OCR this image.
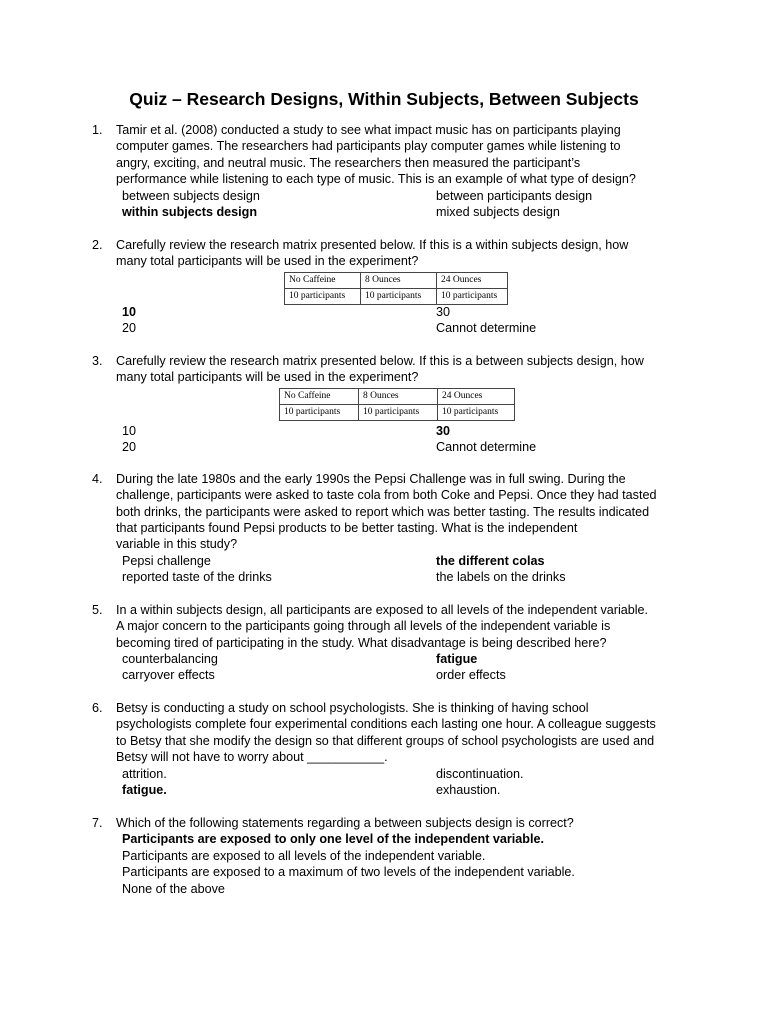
Quiz – Research Designs, Within Subjects, Between Subjects
1. Tamir et al. (2008) conducted a study to see what impact music has on participants playing
computer games. The researchers had participants play computer games while listening to
angry, exciting, and neutral music. The researchers then measured the participant’s
performance while listening to each type of music. This is an example of what type of design?
between subjects design	between participants design
within subjects design	mixed subjects design
2. Carefully review the research matrix presented below. If this is a within subjects design, how
many total participants will be used in the experiment?
No Caffeine	8 Ounces	24 Ounces
10 participants	10 participants	10 participants
10	30
20	Cannot determine
3. Carefully review the research matrix presented below. If this is a between subjects design, how
many total participants will be used in the experiment?
No Caffeine	8 Ounces	24 Ounces
10 participants	10 participants	10 participants
10	30
20	Cannot determine
4. During the late 1980s and the early 1990s the Pepsi Challenge was in full swing. During the
challenge, participants were asked to taste cola from both Coke and Pepsi. Once they had tasted
both drinks, the participants were asked to report which was better tasting. The results indicated
that participants found Pepsi products to be better tasting. What is the independent
variable in this study?
Pepsi challenge	the different colas
reported taste of the drinks	the labels on the drinks
5. In a within subjects design, all participants are exposed to all levels of the independent variable.
A major concern to the participants going through all levels of the independent variable is
becoming tired of participating in the study. What disadvantage is being described here?
counterbalancing	fatigue
carryover effects	order effects
6. Betsy is conducting a study on school psychologists. She is thinking of having school
psychologists complete four experimental conditions each lasting one hour. A colleague suggests
to Betsy that she modify the design so that different groups of school psychologists are used and
Betsy will not have to worry about ___________.
attrition.	discontinuation.
fatigue.	exhaustion.
7. Which of the following statements regarding a between subjects design is correct?
Participants are exposed to only one level of the independent variable.
Participants are exposed to all levels of the independent variable.
Participants are exposed to a maximum of two levels of the independent variable.
None of the above
